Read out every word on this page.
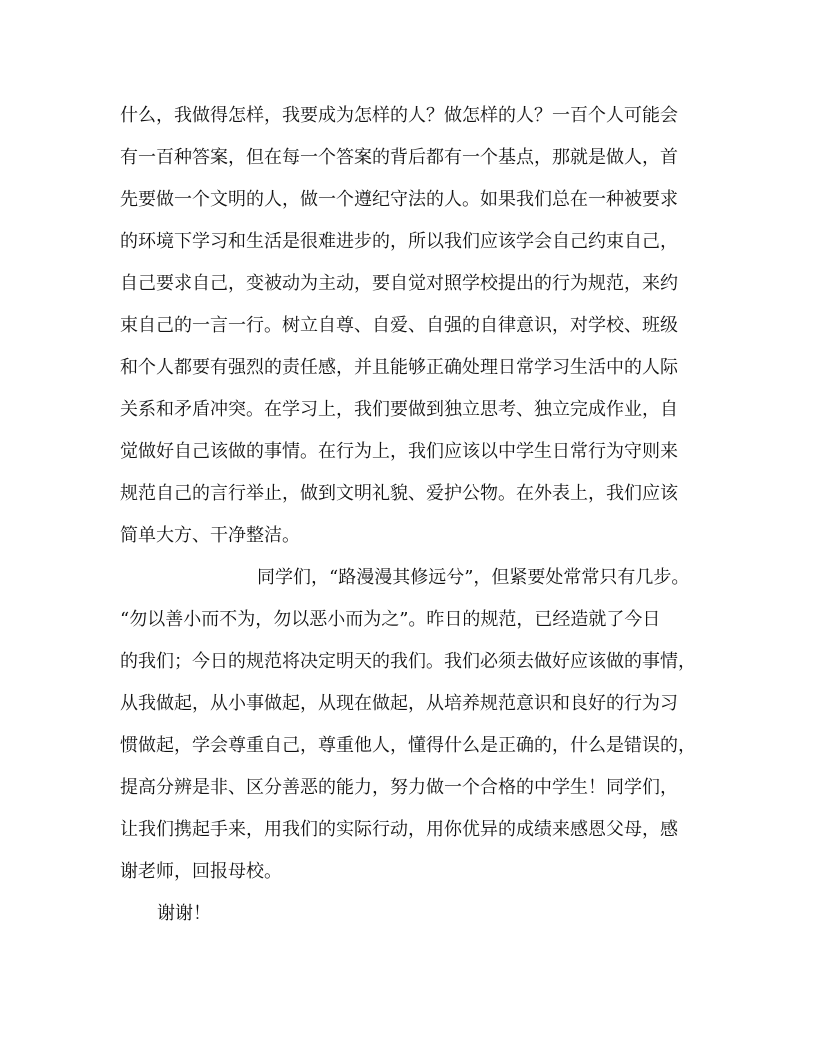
什么，我做得怎样，我要成为怎样的人？做怎样的人？一百个人可能会
有一百种答案，但在每一个答案的背后都有一个基点，那就是做人，首
先要做一个文明的人，做一个遵纪守法的人。如果我们总在一种被要求
的环境下学习和生活是很难进步的，所以我们应该学会自己约束自己，
自己要求自己，变被动为主动，要自觉对照学校提出的行为规范，来约
束自己的一言一行。树立自尊、自爱、自强的自律意识，对学校、班级
和个人都要有强烈的责任感，并且能够正确处理日常学习生活中的人际
关系和矛盾冲突。在学习上，我们要做到独立思考、独立完成作业，自
觉做好自己该做的事情。在行为上，我们应该以中学生日常行为守则来
规范自己的言行举止，做到文明礼貌、爱护公物。在外表上，我们应该
简单大方、干净整洁。
同学们，“路漫漫其修远兮”，但紧要处常常只有几步。
“勿以善小而不为，勿以恶小而为之”。昨日的规范，已经造就了今日
的我们；今日的规范将决定明天的我们。我们必须去做好应该做的事情，
从我做起，从小事做起，从现在做起，从培养规范意识和良好的行为习
惯做起，学会尊重自己，尊重他人，懂得什么是正确的，什么是错误的，
提高分辨是非、区分善恶的能力，努力做一个合格的中学生！同学们，
让我们携起手来，用我们的实际行动，用你优异的成绩来感恩父母，感
谢老师，回报母校。
谢谢！
